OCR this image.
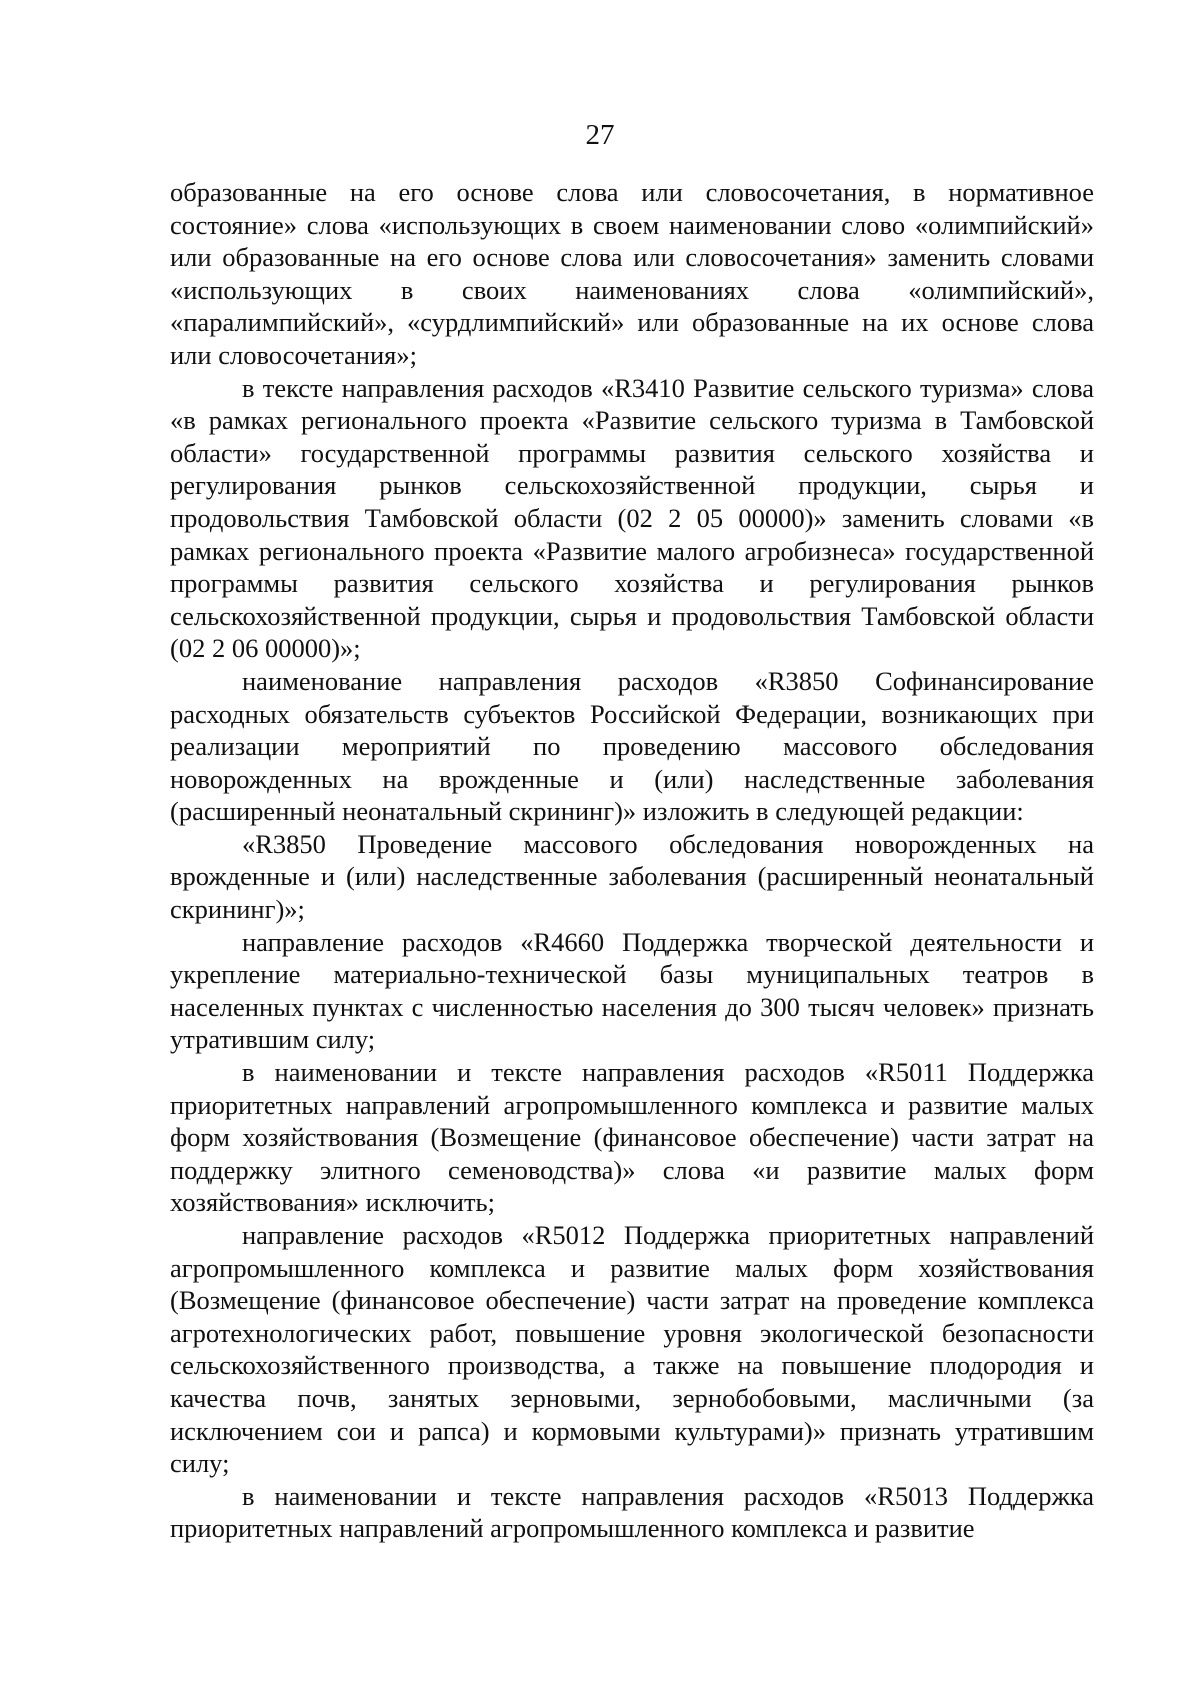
27

образованные на его основе слова или словосочетания, в нормативное состояние» слова «использующих в своем наименовании слово «олимпийский» или образованные на его основе слова или словосочетания» заменить словами «использующих в своих наименованиях слова «олимпийский», «паралимпийский», «сурдлимпийский» или образованные на их основе слова или словосочетания»;

в тексте направления расходов «R3410 Развитие сельского туризма» слова «в рамках регионального проекта «Развитие сельского туризма в Тамбовской области» государственной программы развития сельского хозяйства и регулирования рынков сельскохозяйственной продукции, сырья и продовольствия Тамбовской области (02 2 05 00000)» заменить словами «в рамках регионального проекта «Развитие малого агробизнеса» государственной программы развития сельского хозяйства и регулирования рынков сельскохозяйственной продукции, сырья и продовольствия Тамбовской области (02 2 06 00000)»;

наименование направления расходов «R3850 Софинансирование расходных обязательств субъектов Российской Федерации, возникающих при реализации мероприятий по проведению массового обследования новорожденных на врожденные и (или) наследственные заболевания (расширенный неонатальный скрининг)» изложить в следующей редакции:

«R3850 Проведение массового обследования новорожденных на врожденные и (или) наследственные заболевания (расширенный неонатальный скрининг)»;

направление расходов «R4660 Поддержка творческой деятельности и укрепление материально-технической базы муниципальных театров в населенных пунктах с численностью населения до 300 тысяч человек» признать утратившим силу;

в наименовании и тексте направления расходов «R5011 Поддержка приоритетных направлений агропромышленного комплекса и развитие малых форм хозяйствования (Возмещение (финансовое обеспечение) части затрат на поддержку элитного семеноводства)» слова «и развитие малых форм хозяйствования» исключить;

направление расходов «R5012 Поддержка приоритетных направлений агропромышленного комплекса и развитие малых форм хозяйствования (Возмещение (финансовое обеспечение) части затрат на проведение комплекса агротехнологических работ, повышение уровня экологической безопасности сельскохозяйственного производства, а также на повышение плодородия и качества почв, занятых зерновыми, зернобобовыми, масличными (за исключением сои и рапса) и кормовыми культурами)» признать утратившим силу;

в наименовании и тексте направления расходов «R5013 Поддержка приоритетных направлений агропромышленного комплекса и развитие
